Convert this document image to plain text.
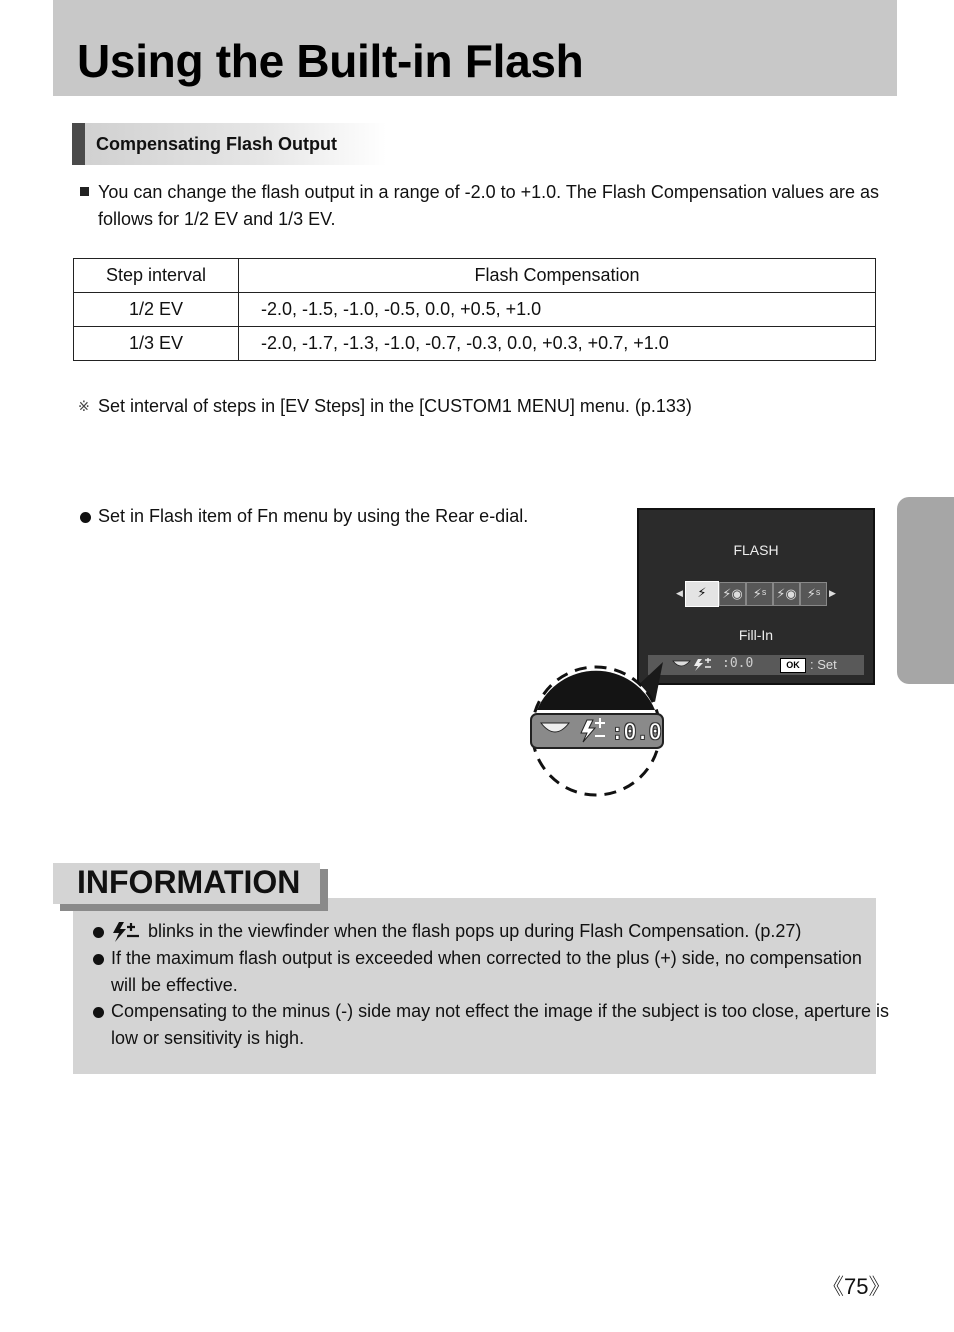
Using the Built-in Flash
Compensating Flash Output
You can change the flash output in a range of -2.0 to +1.0. The Flash Compensation values are as
follows for 1/2 EV and 1/3 EV.
Step interval	Flash Compensation
1/2 EV	-2.0, -1.5, -1.0, -0.5, 0.0, +0.5, +1.0
1/3 EV	-2.0, -1.7, -1.3, -1.0, -0.7, -0.3, 0.0, +0.3, +0.7, +1.0
※ Set interval of steps in [EV Steps] in the [CUSTOM1 MENU] menu. (p.133)
Set in Flash item of Fn menu by using the Rear e-dial.
FLASH
◀	▶
⚡	⚡◉ ⚡ˢ ⚡◉ ⚡ˢ
Fill-In
:0.0	OK : Set
:0.0
INFORMATION
blinks in the viewfinder when the flash pops up during Flash Compensation. (p.27)
If the maximum flash output is exceeded when corrected to the plus (+) side, no compensation
will be effective.
Compensating to the minus (-) side may not effect the image if the subject is too close, aperture is
low or sensitivity is high.
《75》
